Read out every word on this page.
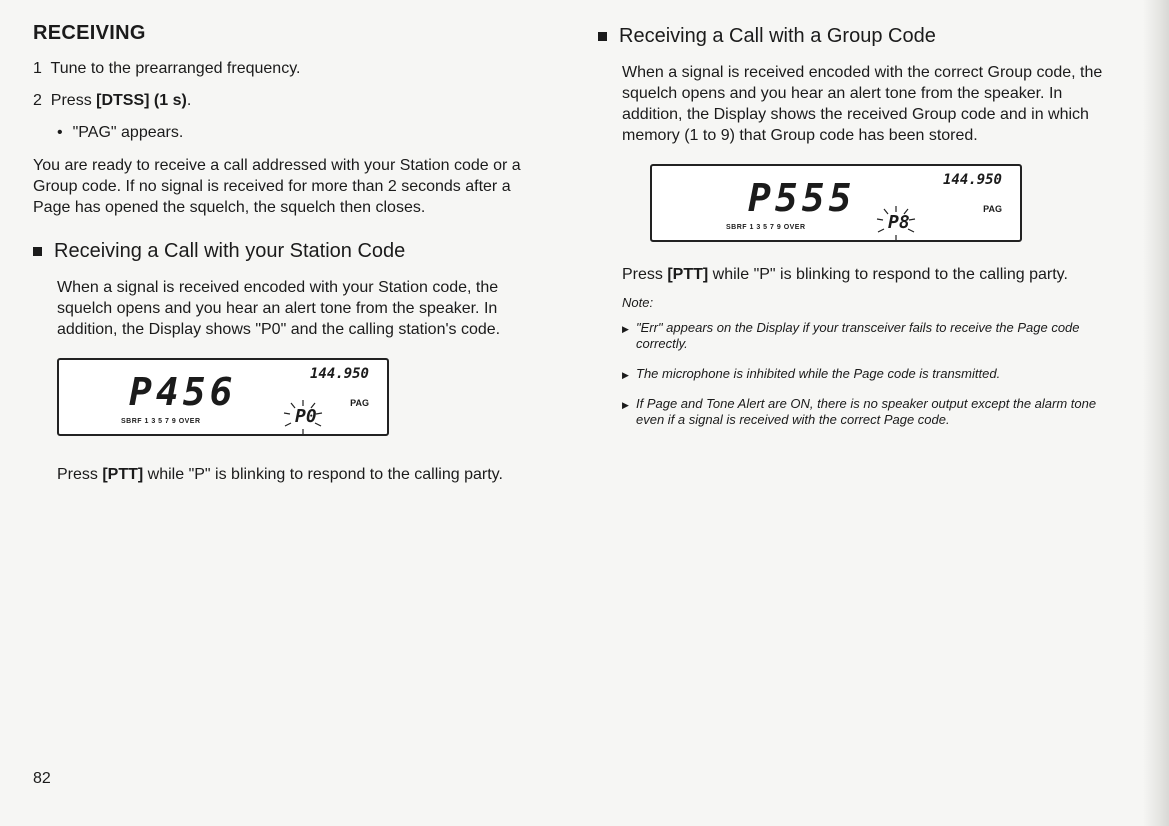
RECEIVING

1 Tune to the prearranged frequency.

2 Press [DTSS] (1 s).

• "PAG" appears.

You are ready to receive a call addressed with your Station code or a Group code. If no signal is received for more than 2 seconds after a Page has opened the squelch, the squelch then closes.

Receiving a Call with your Station Code

When a signal is received encoded with your Station code, the squelch opens and you hear an alert tone from the speaker. In addition, the Display shows "P0" and the calling station's code.

P456	144.950
PAG
SBRF 1 3 5 7 9 OVER	P0

Press [PTT] while "P" is blinking to respond to the calling party.

Receiving a Call with a Group Code

When a signal is received encoded with the correct Group code, the squelch opens and you hear an alert tone from the speaker. In addition, the Display shows the received Group code and in which memory (1 to 9) that Group code has been stored.

P555	144.950
PAG
SBRF 1 3 5 7 9 OVER	P8

Press [PTT] while "P" is blinking to respond to the calling party.

Note:

▶ "Err" appears on the Display if your transceiver fails to receive the Page code correctly.

▶ The microphone is inhibited while the Page code is transmitted.

▶ If Page and Tone Alert are ON, there is no speaker output except the alarm tone even if a signal is received with the correct Page code.

82
